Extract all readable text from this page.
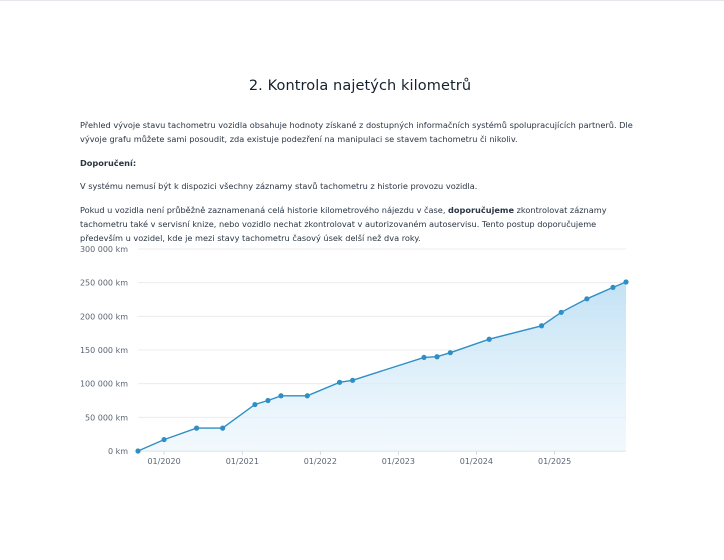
2. Kontrola najetých kilometrů

Přehled vývoje stavu tachometru vozidla obsahuje hodnoty získané z dostupných informačních systémů spolupracujících partnerů. Dle vývoje grafu můžete sami posoudit, zda existuje podezření na manipulaci se stavem tachometru či nikoliv.

Doporučení:

V systému nemusí být k dispozici všechny záznamy stavů tachometru z historie provozu vozidla.

Pokud u vozidla není průběžně zaznamenaná celá historie kilometrového nájezdu v čase, doporučujeme zkontrolovat záznamy tachometru také v servisní knize, nebo vozidlo nechat zkontrolovat v autorizovaném autoservisu. Tento postup doporučujeme především u vozidel, kde je mezi stavy tachometru časový úsek delší než dva roky.

0 km
50 000 km
100 000 km
150 000 km
200 000 km
250 000 km
300 000 km
01/2020	01/2021	01/2022	01/2023	01/2024	01/2025
